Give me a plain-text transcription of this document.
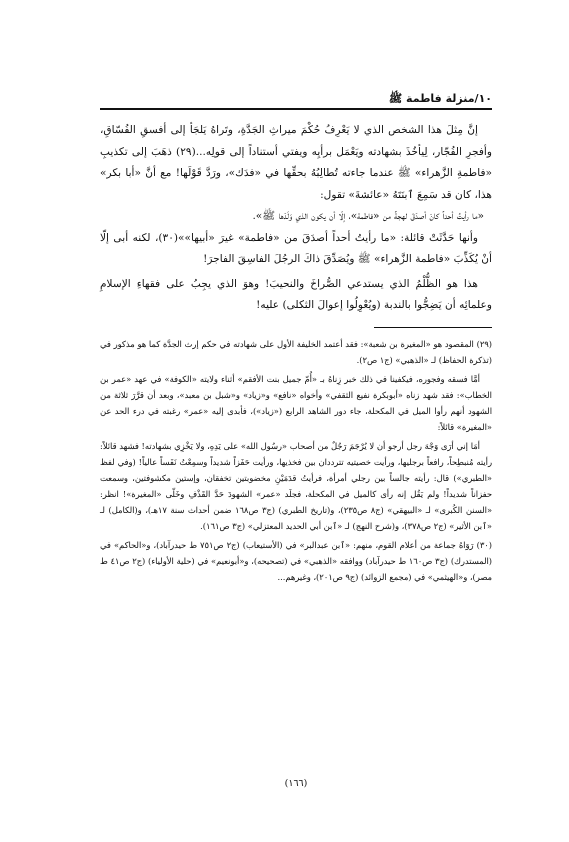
١٠/منزلة فاطمة ﷺ

إنَّ مِثلَ هذا الشخص الذي لا يَعْرِفُ حُكْمَ ميراثِ الجَدَّةِ، وتَراهُ يَلجَأ إلى أفسقِ الفُسّاقِ، وأفجرِ الفُجّار، لِيأخُذَ بشهادته ويَعْمَل برأيِه ويفتي أستناداً إلى قولِه...(٢٩) ذهَبَ إلى تكذيبِ «فاطمةِ الزَّهراء» ﷺ عندما جاءته تُطالِبُهُ بحقِّها في «فدَك»، ورَدَّ قَوْلَها! مع أنَّ «أبا بكر» هذا، كان قد سَمِعَ ٱبنَتَهُ «عائشةَ» تقول:

«ما رأيتُ أحداً كانَ أصدَقَ لهجةً من «فاطمة»، إلّا أن يكون الذي وَلَدَها ﷺ».

وأنها حَدَّثَتْ قائلة: «ما رأيتُ أحداً أصدَقَ من «فاطمة» غيرَ «أبيها»»(٣٠)، لكنه أبى إلّا أنْ يُكَذِّبَ «فاطمة الزَّهراء» ﷺ ويُصَدِّقَ ذاكَ الرجُلَ الفاسِقَ الفاجرَ!

هذا هو الظُّلْمُ الذي يستدعي الصُّراخَ والنحيبَ! وهوَ الذي يجِبُ على فقهاءِ الإسلامِ وعلمائِه أن يَضِجُّوا بالندبة (ويُعْوِلُوا إعوالَ الثكلى) عليه!

(٢٩) المقصود هو «المغيرة بن شعبة»: فقد أعتمد الخليفة الأول على شهادته في حكم إرث الجدَّة كما هو مذكور في (تذكرة الحفاظ) لـ «الذهبي» (ج١ ص٢).

أمَّا فسقه وفجوره، فيكفينا في ذلك خبر زِناهُ بـ «أُمّ جميل بنت الأفقم» أثناء ولايته «الكوفة» في عهد «عمر بن الخطاب»: فقد شهد زناه «أبوبكرة نفيع الثقفي» وأخواه «نافع» و«زياد» و«شبل بن معبد»، وبعد أن قرَّرَ ثلاثة من الشهود أنهم رأوا الميل في المكحلة، جاء دور الشاهد الرابع («زياد»)، فأبدى إليه «عمر» رغبته في درء الحد عن «المغيرة» قائلاً:

أمَا إني أرَى وَجْهَ رجل أرجو أن لا يُرْجَمَ رَجُلٌ من أصحاب «رسُول الله» على يَدِهِ، ولا يَخْزِي بشهادته! فشهد قائلاً: رأيته مُنبطِحاً، رافعاً برجليها، ورأيت خصيتيه تترددان بين فخذيها، ورأيت حَفَزاً شديداً وسمِعْتُ نَفَساً عالياً! (وفي لفظ «الطبري») قال: رأيته جالساً بين رجلي أمرأة، فرأيتُ قدَمَيْنِ مخضوبتين تخفقان، وإستين مكشوفتين، وسمعت حفزاناً شديداً! ولم يَقُل إنه رأى كالميل في المكحلة، فجلَد «عمر» الشهودَ حَدَّ القَذْفِ وخَلّى «المغيرة»! انظر: «السنن الكُبرى» لـ «البيهقي» (ج٨ ص٢٣٥)، و(تاريخ الطبري) (ج٣ ص١٦٨ ضمن أحداث سنة ١٧هـ)، و(الكامل) لـ «ٱبن الأثير» (ج٢ ص٣٧٨)، و(شرح النهج) لـ «ٱبن أبي الحديد المعتزلي» (ج٣ ص١٦١).

(٣٠) رَوَاهُ جماعة من أعلام القوم، منهم: «ٱبن عبدالبر» في (الأستيعاب) (ج٢ ص٧٥١ ط حيدرآباد)، و«الحاكم» في (المستدرك) (ج٣ ص١٦٠ ط حيدرآباد) ووافقه «الذهبي» في (تصحيحه)، و«أبونعيم» في (حلية الأولياء) (ج٢ ص٤١ ط مصر)، و«الهيثمي» في (مجمع الزوائد) (ج٩ ص٢٠١)، وغيرهم...

(١٦٦)
